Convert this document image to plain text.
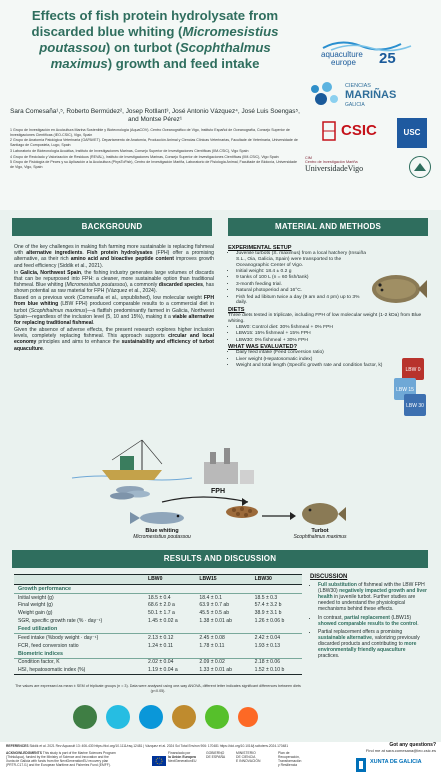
Effects of fish protein hydrolysate from discarded blue whiting (Micromesistius poutassou) on turbot (Scophthalmus maximus) growth and feed intake
Sara Comesaña¹,⁵, Roberto Bermúdez², Josep Rotllant³, José Antonio Vázquez⁴, José Luis Soengas⁵, and Montse Pérez¹

1 Grupo de Investigación en Acuicultura Marina Sostenible y Biotecnología (AquaCOV). Centro Oceanográfico de Vigo, Instituto Español de Oceanografía, Consejo Superior de Investigaciones Científicas (IEO-CSIC), Vigo, Spain

2 Grupo de Anatomía Patológica Veterinaria (GAPAVET). Departamento de Anatomía, Producción Animal y Ciencias Clínicas Veterinarias, Facultade de Veterinaria, Universidade de Santiago de Compostela, Lugo, Spain

3 Laboratorio de Biotecnología Acuática, Instituto de Investigaciones Marinas, Consejo Superior de Investigaciones Científicas (IIM-CSIC), Vigo Spain

4 Grupo de Reciclado y Valorización de Residuos (REVAL), Instituto de Investigaciones Marinas, Consejo Superior de Investigaciones Científicas (IIM-CSIC), Vigo Spain

5 Grupo de Fisiología de Peces y su Aplicación a la Acuicultura (PhysToFish), Centro de Investigación Mariña, Laboratorio de Fisiología Animal, Facultade de Bioloxía, Universidade de Vigo, Vigo, Spain

aquaculture
europe 25
CIENCIAS
MARIÑAS
GALICIA
CSIC	USC
CIM
Centro de Investigación Mariña
UniversidadeVigo
BACKGROUND	MATERIAL AND METHODS

One of the key challenges in making fish farming more sustainable is replacing fishmeal with alternative ingredients. Fish protein hydrolysates (FPH) offer a promising alternative, as their rich amino acid and bioactive peptide content improves growth and feed efficiency (Siddik et al., 2021).

In Galicia, Northwest Spain, the fishing industry generates large volumes of discards that can be repurposed into FPH: a cleaner, more sustainable option than traditional fishmeal. Blue whiting (Micromesistius poutassou), a commonly discarded species, has shown potential as raw material for FPH (Vázquez et al., 2024).

Based on a previous work (Comesaña et al., unpublished), low molecular weight FPH from blue whiting (LBW FPH) produced comparable results to a commercial diet in turbot (Scophthalmus maximus)—a flatfish predominantly farmed in Galicia, Northwest Spain—regardless of the inclusion level (5, 10 and 15%), making it a viable alternative for replacing traditional fishmeal.

Given the absence of adverse effects, the present research explores higher inclusion levels, completely replacing fishmeal. This approach supports circular and local economy principles and aims to enhance the sustainability and efficiency of turbot aquaculture.

EXPERIMENTAL SETUP
• Juvenile turbots (S. maximus) from a local hatchery (Insuiña S.L., Oia, Galicia, Spain) were transported to the Oceanographic Center of Vigo.
• Initial weight: 18.4 ± 0.2 g
• 9 tanks of 100 L (n = 60 fish/tank)
• 3-month feeding trial.
• Natural photoperiod and 16°C.
• Fish fed ad libitum twice a day (9 am and 4 pm) up to 3% daily.
DIETS
Three diets tested in triplicate, including FPH of low molecular weight (1-2 kDa) from Blue whiting.
• LBW0: Control diet: 30% fishmeal + 0% FPH
• LBW15: 15% fishmeal + 15% FPH
• LBW30: 0% fishmeal + 30% FPH
WHAT WAS EVALUATED?
• Daily feed intake (Feed conversion ratio)
• Liver weight (Hepatosomatic index)
• Weight and total length (Specific growth rate and condition factor, k)
LBW 0
LBW 15
LBW 30
FPH
Blue whiting
Micromesistius poutassou
Turbot
Scophthalmus maximus
RESULTS AND DISCUSSION
	LBW0	LBW15	LBW30
Growth performance			
Initial weight (g)	18.5 ± 0.4	18.4 ± 0.1	18.5 ± 0.3
Final weight (g)	68.6 ± 2.0 a	63.9 ± 0.7 ab	57.4 ± 3.2 b
Weight gain (g)	50.1 ± 1.7 a	45.5 ± 0.5 ab	38.9 ± 3.1 b
SGR, specific growth rate (% · day⁻¹)	1.45 ± 0.02 a	1.38 ± 0.01 ab	1.26 ± 0.06 b
Feed utilization			
Feed intake (%body weight · day⁻¹)	2.13 ± 0.12	2.45 ± 0.08	2.42 ± 0.04
FCR, feed conversion ratio	1.24 ± 0.11	1.78 ± 0.11	1.93 ± 0.13
Biometric indices			
Condition factor, K	2.02 ± 0.04	2.09 ± 0.02	2.18 ± 0.06
HSI, hepatosomatic index (%)	1.19 ± 0.04 a	1.33 ± 0.01 ab	1.52 ± 0.10 b
The values are expressed as mean ± SEM of triplicate groups (n = 3). Data were analysed using one-way ANOVA, different letter indicates significant differences between diets (p<0.05).
DISCUSSION
• Full substitution of fishmeal with the LBW FPH (LBW30) negatively impacted growth and liver health in juvenile turbot. Further studies are needed to understand the physiological mechanisms behind these effects.
• In contrast, partial replacement (LBW15) showed comparable results to the control.
• Partial replacement offers a promising sustainable alternative, valorizing previously discarded products and contributing to more environmentally friendly aquaculture practices.
REFERENCES Siddik et al. 2021 Rev Aquacult 13: 406-430 https://doi.org/10.1111/raq.12481 | Vázquez et al. 2024 Sci Total Environ 906: 170481 https://doi.org/10.1016/j.scitotenv.2024.170481
ACKNOWLEDGMENTS This study is part of the Marine Sciences Program (ThinkAqua), funded by the Ministry of Science and Innovation and the Xunta de Galicia with funds from the NextGenerationEU recovery plan (PRTR-C17.I1) and the European Maritime and Fisheries Fund (EMFF).
Got any questions?
Find me at sara.comesana@ieo.csic.es
Financiado por
la Unión Europea
NextGenerationEU
GOBIERNO
DE ESPAÑA
MINISTERIO
DE CIENCIA
E INNOVACIÓN
Plan de
Recuperación,
Transformación
y Resiliencia	XUNTA DE GALICIA
